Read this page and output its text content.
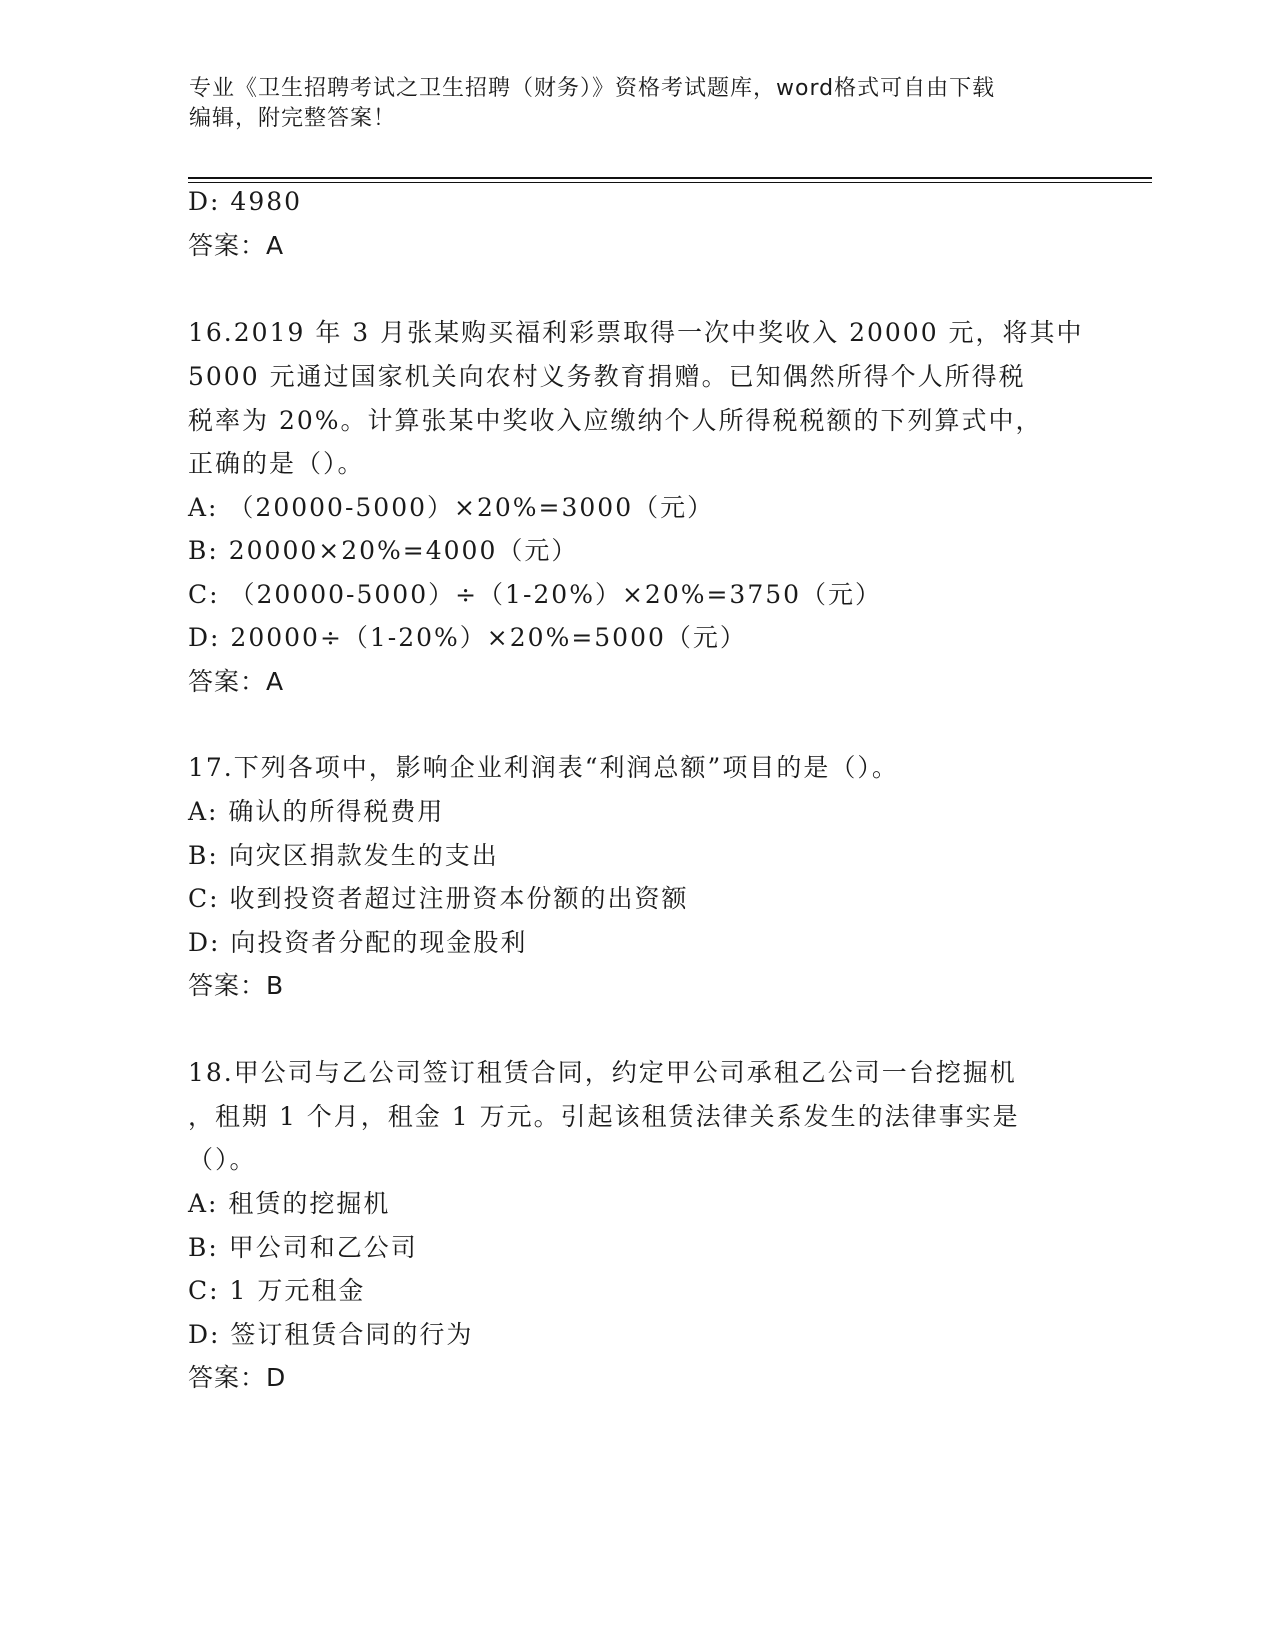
专业《卫生招聘考试之卫生招聘（财务）》资格考试题库，word格式可自由下载
编辑，附完整答案！
D: 4980
答案：A
16.2019 年 3 月张某购买福利彩票取得一次中奖收入 20000 元，将其中
5000 元通过国家机关向农村义务教育捐赠。已知偶然所得个人所得税
税率为 20%。计算张某中奖收入应缴纳个人所得税税额的下列算式中，
正确的是（）。
A: （20000-5000）×20%=3000（元）
B: 20000×20%=4000（元）
C: （20000-5000）÷（1-20%）×20%=3750（元）
D: 20000÷（1-20%）×20%=5000（元）
答案：A
17.下列各项中，影响企业利润表“利润总额”项目的是（）。
A: 确认的所得税费用
B: 向灾区捐款发生的支出
C: 收到投资者超过注册资本份额的出资额
D: 向投资者分配的现金股利
答案：B
18.甲公司与乙公司签订租赁合同，约定甲公司承租乙公司一台挖掘机
，租期 1 个月，租金 1 万元。引起该租赁法律关系发生的法律事实是
（）。
A: 租赁的挖掘机
B: 甲公司和乙公司
C: 1 万元租金
D: 签订租赁合同的行为
答案：D
